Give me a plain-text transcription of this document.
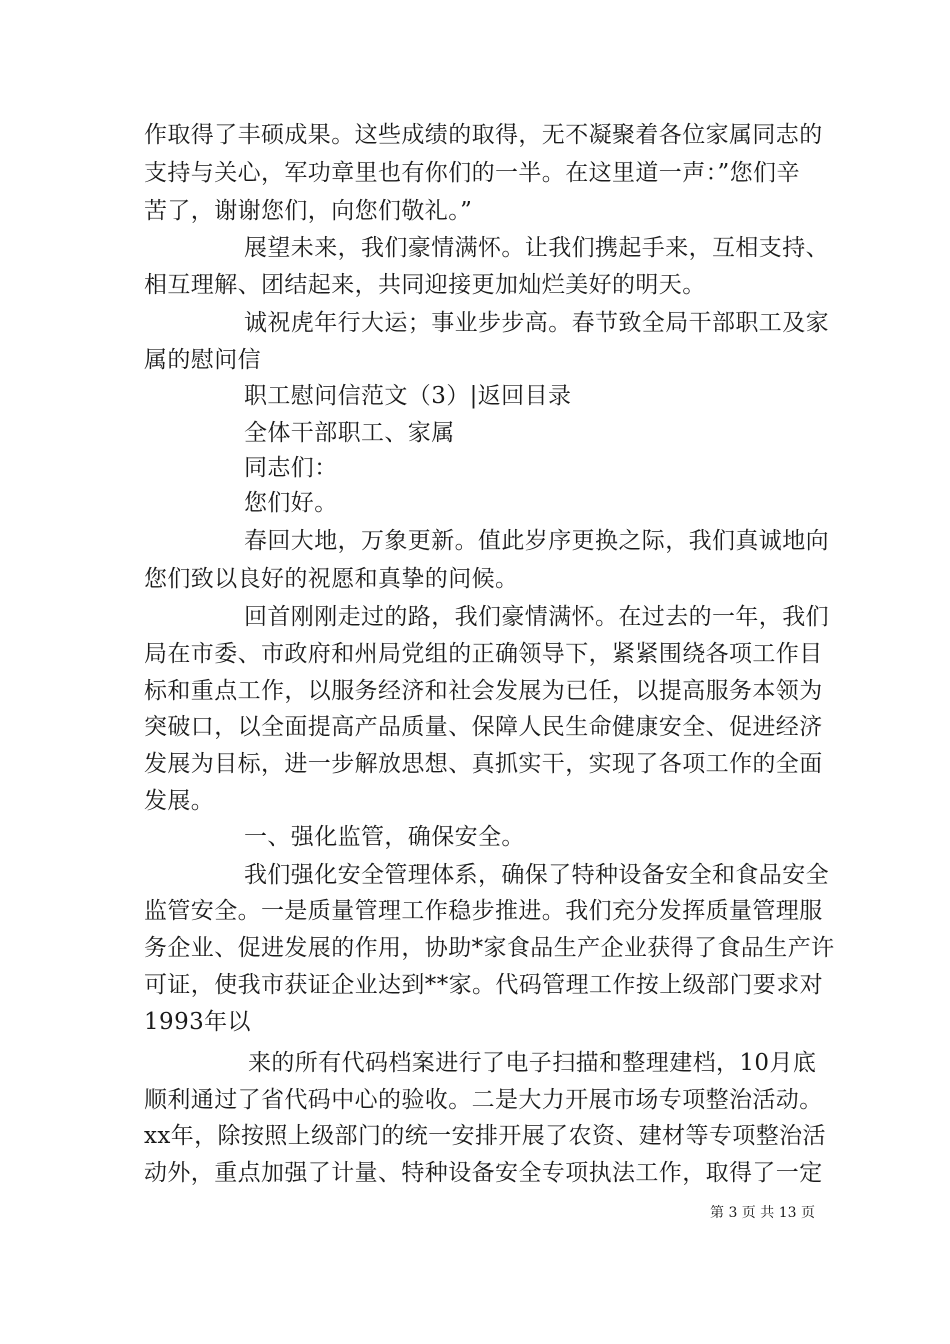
作取得了丰硕成果。这些成绩的取得，无不凝聚着各位家属同志的
支持与关心，军功章里也有你们的一半。在这里道一声：”您们辛
苦了，谢谢您们，向您们敬礼。”
展望未来，我们豪情满怀。让我们携起手来，互相支持、
相互理解、团结起来，共同迎接更加灿烂美好的明天。
诚祝虎年行大运；事业步步高。春节致全局干部职工及家
属的慰问信
职工慰问信范文（3）|返回目录
全体干部职工、家属
同志们：
您们好。
春回大地，万象更新。值此岁序更换之际，我们真诚地向
您们致以良好的祝愿和真挚的问候。
回首刚刚走过的路，我们豪情满怀。在过去的一年，我们
局在市委、市政府和州局党组的正确领导下，紧紧围绕各项工作目
标和重点工作，以服务经济和社会发展为已任，以提高服务本领为
突破口，以全面提高产品质量、保障人民生命健康安全、促进经济
发展为目标，进一步解放思想、真抓实干，实现了各项工作的全面
发展。
一、强化监管，确保安全。
我们强化安全管理体系，确保了特种设备安全和食品安全
监管安全。一是质量管理工作稳步推进。我们充分发挥质量管理服
务企业、促进发展的作用，协助*家食品生产企业获得了食品生产许
可证，使我市获证企业达到**家。代码管理工作按上级部门要求对
1993年以
来的所有代码档案进行了电子扫描和整理建档，10月底
顺利通过了省代码中心的验收。二是大力开展市场专项整治活动。
xx年，除按照上级部门的统一安排开展了农资、建材等专项整治活
动外，重点加强了计量、特种设备安全专项执法工作，取得了一定
第 3 页 共 13 页
